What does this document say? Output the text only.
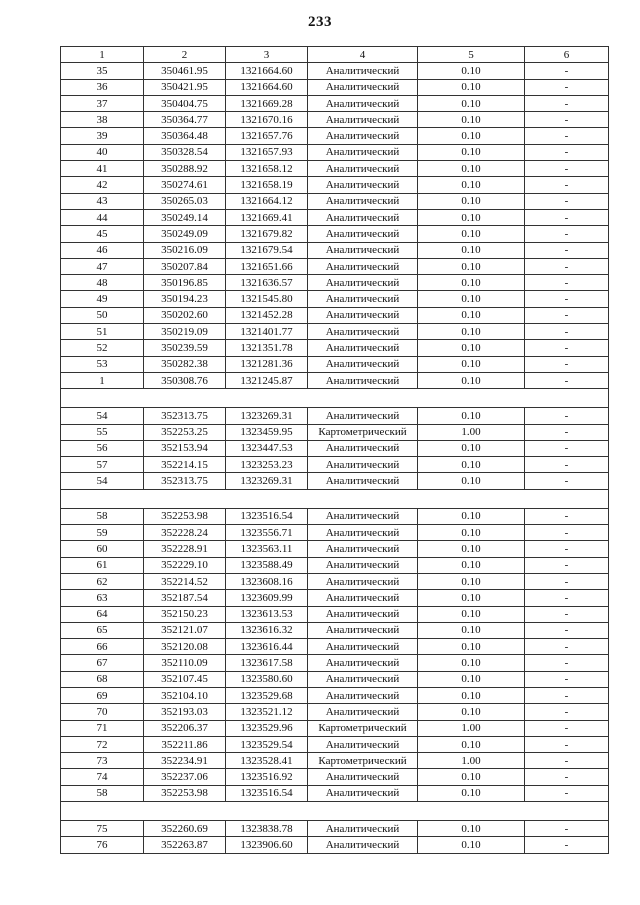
233
1	2	3	4	5	6
35	350461.95	1321664.60	Аналитический	0.10	-
36	350421.95	1321664.60	Аналитический	0.10	-
37	350404.75	1321669.28	Аналитический	0.10	-
38	350364.77	1321670.16	Аналитический	0.10	-
39	350364.48	1321657.76	Аналитический	0.10	-
40	350328.54	1321657.93	Аналитический	0.10	-
41	350288.92	1321658.12	Аналитический	0.10	-
42	350274.61	1321658.19	Аналитический	0.10	-
43	350265.03	1321664.12	Аналитический	0.10	-
44	350249.14	1321669.41	Аналитический	0.10	-
45	350249.09	1321679.82	Аналитический	0.10	-
46	350216.09	1321679.54	Аналитический	0.10	-
47	350207.84	1321651.66	Аналитический	0.10	-
48	350196.85	1321636.57	Аналитический	0.10	-
49	350194.23	1321545.80	Аналитический	0.10	-
50	350202.60	1321452.28	Аналитический	0.10	-
51	350219.09	1321401.77	Аналитический	0.10	-
52	350239.59	1321351.78	Аналитический	0.10	-
53	350282.38	1321281.36	Аналитический	0.10	-
1	350308.76	1321245.87	Аналитический	0.10	-

54	352313.75	1323269.31	Аналитический	0.10	-
55	352253.25	1323459.95	Картометрический	1.00	-
56	352153.94	1323447.53	Аналитический	0.10	-
57	352214.15	1323253.23	Аналитический	0.10	-
54	352313.75	1323269.31	Аналитический	0.10	-

58	352253.98	1323516.54	Аналитический	0.10	-
59	352228.24	1323556.71	Аналитический	0.10	-
60	352228.91	1323563.11	Аналитический	0.10	-
61	352229.10	1323588.49	Аналитический	0.10	-
62	352214.52	1323608.16	Аналитический	0.10	-
63	352187.54	1323609.99	Аналитический	0.10	-
64	352150.23	1323613.53	Аналитический	0.10	-
65	352121.07	1323616.32	Аналитический	0.10	-
66	352120.08	1323616.44	Аналитический	0.10	-
67	352110.09	1323617.58	Аналитический	0.10	-
68	352107.45	1323580.60	Аналитический	0.10	-
69	352104.10	1323529.68	Аналитический	0.10	-
70	352193.03	1323521.12	Аналитический	0.10	-
71	352206.37	1323529.96	Картометрический	1.00	-
72	352211.86	1323529.54	Аналитический	0.10	-
73	352234.91	1323528.41	Картометрический	1.00	-
74	352237.06	1323516.92	Аналитический	0.10	-
58	352253.98	1323516.54	Аналитический	0.10	-

75	352260.69	1323838.78	Аналитический	0.10	-
76	352263.87	1323906.60	Аналитический	0.10	-
